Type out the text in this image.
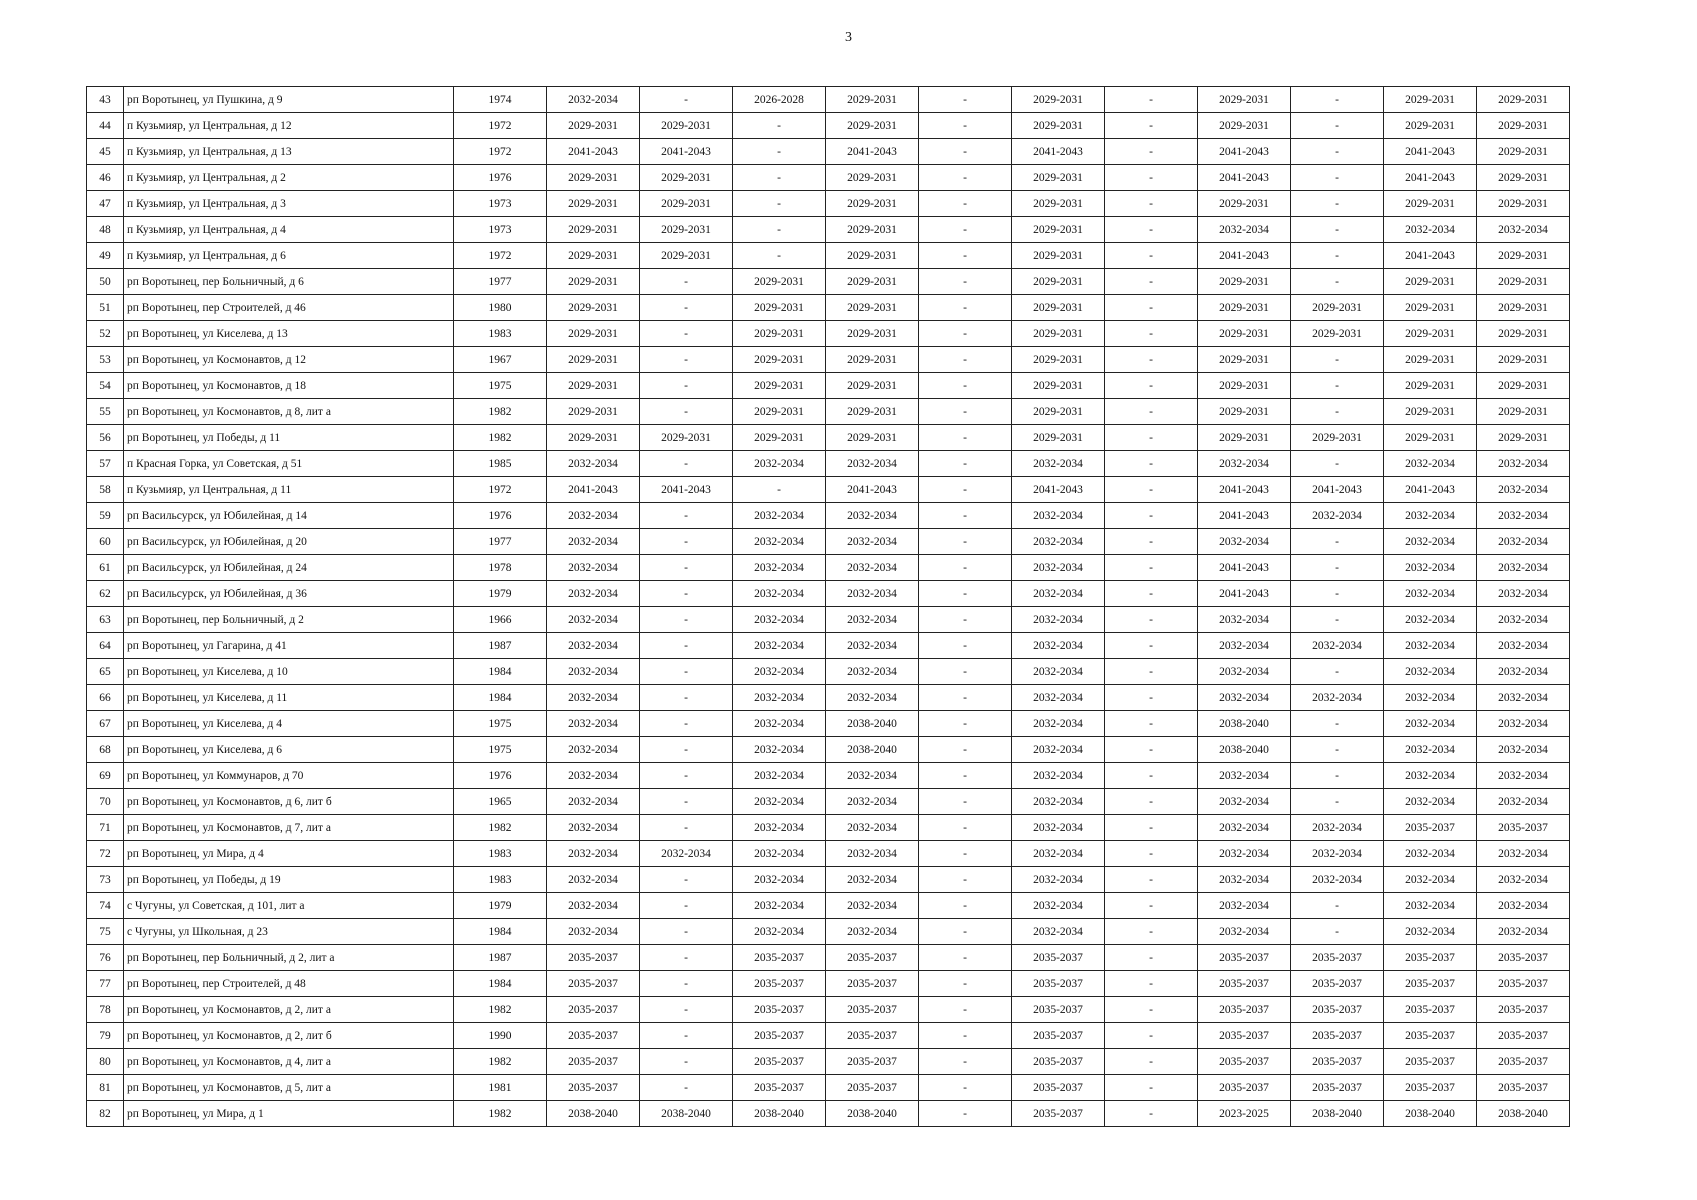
3
43	рп Воротынец, ул Пушкина, д 9	1974	2032-2034	-	2026-2028	2029-2031	-	2029-2031	-	2029-2031	-	2029-2031	2029-2031
44	п Кузьмияр, ул Центральная, д 12	1972	2029-2031	2029-2031	-	2029-2031	-	2029-2031	-	2029-2031	-	2029-2031	2029-2031
45	п Кузьмияр, ул Центральная, д 13	1972	2041-2043	2041-2043	-	2041-2043	-	2041-2043	-	2041-2043	-	2041-2043	2029-2031
46	п Кузьмияр, ул Центральная, д 2	1976	2029-2031	2029-2031	-	2029-2031	-	2029-2031	-	2041-2043	-	2041-2043	2029-2031
47	п Кузьмияр, ул Центральная, д 3	1973	2029-2031	2029-2031	-	2029-2031	-	2029-2031	-	2029-2031	-	2029-2031	2029-2031
48	п Кузьмияр, ул Центральная, д 4	1973	2029-2031	2029-2031	-	2029-2031	-	2029-2031	-	2032-2034	-	2032-2034	2032-2034
49	п Кузьмияр, ул Центральная, д 6	1972	2029-2031	2029-2031	-	2029-2031	-	2029-2031	-	2041-2043	-	2041-2043	2029-2031
50	рп Воротынец, пер Больничный, д 6	1977	2029-2031	-	2029-2031	2029-2031	-	2029-2031	-	2029-2031	-	2029-2031	2029-2031
51	рп Воротынец, пер Строителей, д 46	1980	2029-2031	-	2029-2031	2029-2031	-	2029-2031	-	2029-2031	2029-2031	2029-2031	2029-2031
52	рп Воротынец, ул Киселева, д 13	1983	2029-2031	-	2029-2031	2029-2031	-	2029-2031	-	2029-2031	2029-2031	2029-2031	2029-2031
53	рп Воротынец, ул Космонавтов, д 12	1967	2029-2031	-	2029-2031	2029-2031	-	2029-2031	-	2029-2031	-	2029-2031	2029-2031
54	рп Воротынец, ул Космонавтов, д 18	1975	2029-2031	-	2029-2031	2029-2031	-	2029-2031	-	2029-2031	-	2029-2031	2029-2031
55	рп Воротынец, ул Космонавтов, д 8, лит а	1982	2029-2031	-	2029-2031	2029-2031	-	2029-2031	-	2029-2031	-	2029-2031	2029-2031
56	рп Воротынец, ул Победы, д 11	1982	2029-2031	2029-2031	2029-2031	2029-2031	-	2029-2031	-	2029-2031	2029-2031	2029-2031	2029-2031
57	п Красная Горка, ул Советская, д 51	1985	2032-2034	-	2032-2034	2032-2034	-	2032-2034	-	2032-2034	-	2032-2034	2032-2034
58	п Кузьмияр, ул Центральная, д 11	1972	2041-2043	2041-2043	-	2041-2043	-	2041-2043	-	2041-2043	2041-2043	2041-2043	2032-2034
59	рп Васильсурск, ул Юбилейная, д 14	1976	2032-2034	-	2032-2034	2032-2034	-	2032-2034	-	2041-2043	2032-2034	2032-2034	2032-2034
60	рп Васильсурск, ул Юбилейная, д 20	1977	2032-2034	-	2032-2034	2032-2034	-	2032-2034	-	2032-2034	-	2032-2034	2032-2034
61	рп Васильсурск, ул Юбилейная, д 24	1978	2032-2034	-	2032-2034	2032-2034	-	2032-2034	-	2041-2043	-	2032-2034	2032-2034
62	рп Васильсурск, ул Юбилейная, д 36	1979	2032-2034	-	2032-2034	2032-2034	-	2032-2034	-	2041-2043	-	2032-2034	2032-2034
63	рп Воротынец, пер Больничный, д 2	1966	2032-2034	-	2032-2034	2032-2034	-	2032-2034	-	2032-2034	-	2032-2034	2032-2034
64	рп Воротынец, ул Гагарина, д 41	1987	2032-2034	-	2032-2034	2032-2034	-	2032-2034	-	2032-2034	2032-2034	2032-2034	2032-2034
65	рп Воротынец, ул Киселева, д 10	1984	2032-2034	-	2032-2034	2032-2034	-	2032-2034	-	2032-2034	-	2032-2034	2032-2034
66	рп Воротынец, ул Киселева, д 11	1984	2032-2034	-	2032-2034	2032-2034	-	2032-2034	-	2032-2034	2032-2034	2032-2034	2032-2034
67	рп Воротынец, ул Киселева, д 4	1975	2032-2034	-	2032-2034	2038-2040	-	2032-2034	-	2038-2040	-	2032-2034	2032-2034
68	рп Воротынец, ул Киселева, д 6	1975	2032-2034	-	2032-2034	2038-2040	-	2032-2034	-	2038-2040	-	2032-2034	2032-2034
69	рп Воротынец, ул Коммунаров, д 70	1976	2032-2034	-	2032-2034	2032-2034	-	2032-2034	-	2032-2034	-	2032-2034	2032-2034
70	рп Воротынец, ул Космонавтов, д 6, лит б	1965	2032-2034	-	2032-2034	2032-2034	-	2032-2034	-	2032-2034	-	2032-2034	2032-2034
71	рп Воротынец, ул Космонавтов, д 7, лит а	1982	2032-2034	-	2032-2034	2032-2034	-	2032-2034	-	2032-2034	2032-2034	2035-2037	2035-2037
72	рп Воротынец, ул Мира, д 4	1983	2032-2034	2032-2034	2032-2034	2032-2034	-	2032-2034	-	2032-2034	2032-2034	2032-2034	2032-2034
73	рп Воротынец, ул Победы, д 19	1983	2032-2034	-	2032-2034	2032-2034	-	2032-2034	-	2032-2034	2032-2034	2032-2034	2032-2034
74	с Чугуны, ул Советская, д 101, лит а	1979	2032-2034	-	2032-2034	2032-2034	-	2032-2034	-	2032-2034	-	2032-2034	2032-2034
75	с Чугуны, ул Школьная, д 23	1984	2032-2034	-	2032-2034	2032-2034	-	2032-2034	-	2032-2034	-	2032-2034	2032-2034
76	рп Воротынец, пер Больничный, д 2, лит а	1987	2035-2037	-	2035-2037	2035-2037	-	2035-2037	-	2035-2037	2035-2037	2035-2037	2035-2037
77	рп Воротынец, пер Строителей, д 48	1984	2035-2037	-	2035-2037	2035-2037	-	2035-2037	-	2035-2037	2035-2037	2035-2037	2035-2037
78	рп Воротынец, ул Космонавтов, д 2, лит а	1982	2035-2037	-	2035-2037	2035-2037	-	2035-2037	-	2035-2037	2035-2037	2035-2037	2035-2037
79	рп Воротынец, ул Космонавтов, д 2, лит б	1990	2035-2037	-	2035-2037	2035-2037	-	2035-2037	-	2035-2037	2035-2037	2035-2037	2035-2037
80	рп Воротынец, ул Космонавтов, д 4, лит а	1982	2035-2037	-	2035-2037	2035-2037	-	2035-2037	-	2035-2037	2035-2037	2035-2037	2035-2037
81	рп Воротынец, ул Космонавтов, д 5, лит а	1981	2035-2037	-	2035-2037	2035-2037	-	2035-2037	-	2035-2037	2035-2037	2035-2037	2035-2037
82	рп Воротынец, ул Мира, д 1	1982	2038-2040	2038-2040	2038-2040	2038-2040	-	2035-2037	-	2023-2025	2038-2040	2038-2040	2038-2040
